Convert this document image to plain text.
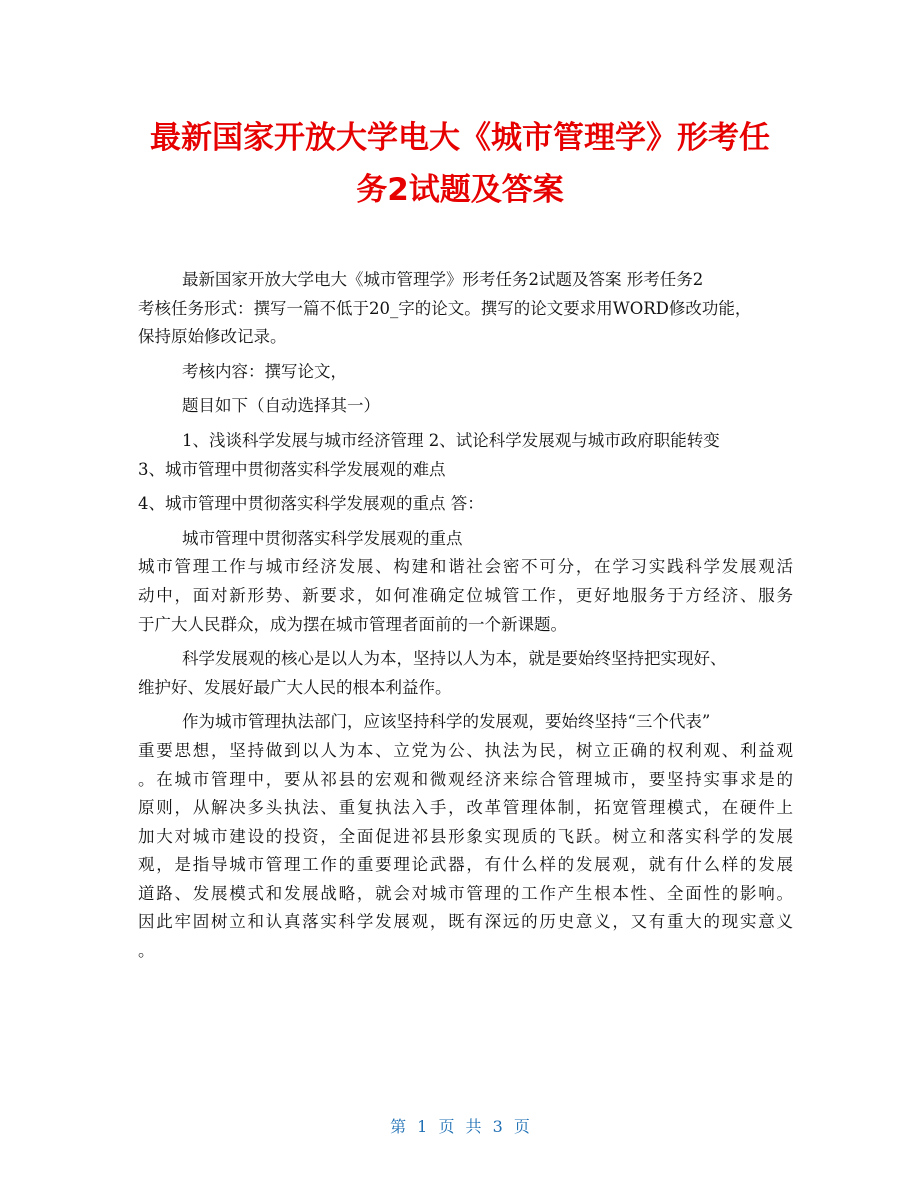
最新国家开放大学电大《城市管理学》形考任
务2试题及答案
最新国家开放大学电大《城市管理学》形考任务2试题及答案 形考任务2
考核任务形式：撰写一篇不低于20_字的论文。撰写的论文要求用WORD修改功能，
保持原始修改记录。
考核内容：撰写论文，
题目如下（自动选择其一）
1、浅谈科学发展与城市经济管理 2、试论科学发展观与城市政府职能转变
3、城市管理中贯彻落实科学发展观的难点
4、城市管理中贯彻落实科学发展观的重点 答：
城市管理中贯彻落实科学发展观的重点
城市管理工作与城市经济发展、构建和谐社会密不可分，在学习实践科学发展观活
动中，面对新形势、新要求，如何准确定位城管工作，更好地服务于方经济、服务
于广大人民群众，成为摆在城市管理者面前的一个新课题。
科学发展观的核心是以人为本，坚持以人为本，就是要始终坚持把实现好、
维护好、发展好最广大人民的根本利益作。
作为城市管理执法部门，应该坚持科学的发展观，要始终坚持“三个代表”
重要思想，坚持做到以人为本、立党为公、执法为民，树立正确的权利观、利益观
。在城市管理中，要从祁县的宏观和微观经济来综合管理城市，要坚持实事求是的
原则，从解决多头执法、重复执法入手，改革管理体制，拓宽管理模式，在硬件上
加大对城市建设的投资，全面促进祁县形象实现质的飞跃。树立和落实科学的发展
观，是指导城市管理工作的重要理论武器，有什么样的发展观，就有什么样的发展
道路、发展模式和发展战略，就会对城市管理的工作产生根本性、全面性的影响。
因此牢固树立和认真落实科学发展观，既有深远的历史意义，又有重大的现实意义
。
第 1 页 共 3 页
